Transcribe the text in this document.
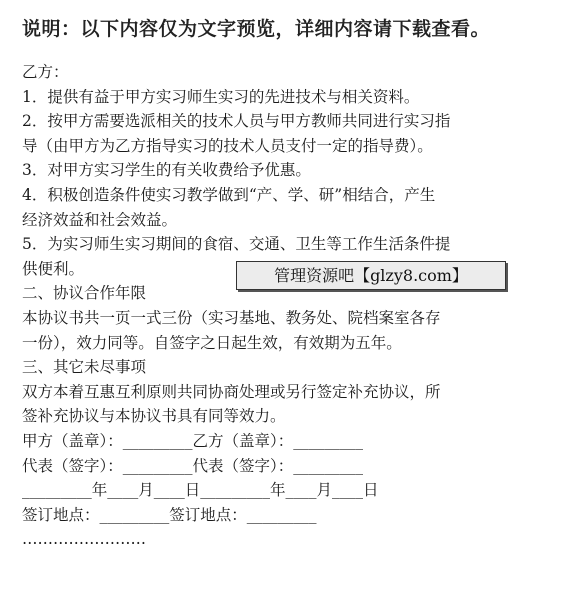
说明：以下内容仅为文字预览，详细内容请下载查看。
乙方：
1．提供有益于甲方实习师生实习的先进技术与相关资料。
2．按甲方需要选派相关的技术人员与甲方教师共同进行实习指
导（由甲方为乙方指导实习的技术人员支付一定的指导费）。
3．对甲方实习学生的有关收费给予优惠。
4．积极创造条件使实习教学做到“产、学、研”相结合，产生
经济效益和社会效益。
5．为实习师生实习期间的食宿、交通、卫生等工作生活条件提
供便利。
二、协议合作年限
本协议书共一页一式三份（实习基地、教务处、院档案室各存
一份），效力同等。自签字之日起生效，有效期为五年。
三、其它未尽事项
双方本着互惠互利原则共同协商处理或另行签定补充协议，所
签补充协议与本协议书具有同等效力。
甲方（盖章）：_________乙方（盖章）：_________
代表（签字）：_________代表（签字）：_________
_________年____月____日_________年____月____日
签订地点：_________签订地点：_________
……………………
管理资源吧【glzy8.com】
